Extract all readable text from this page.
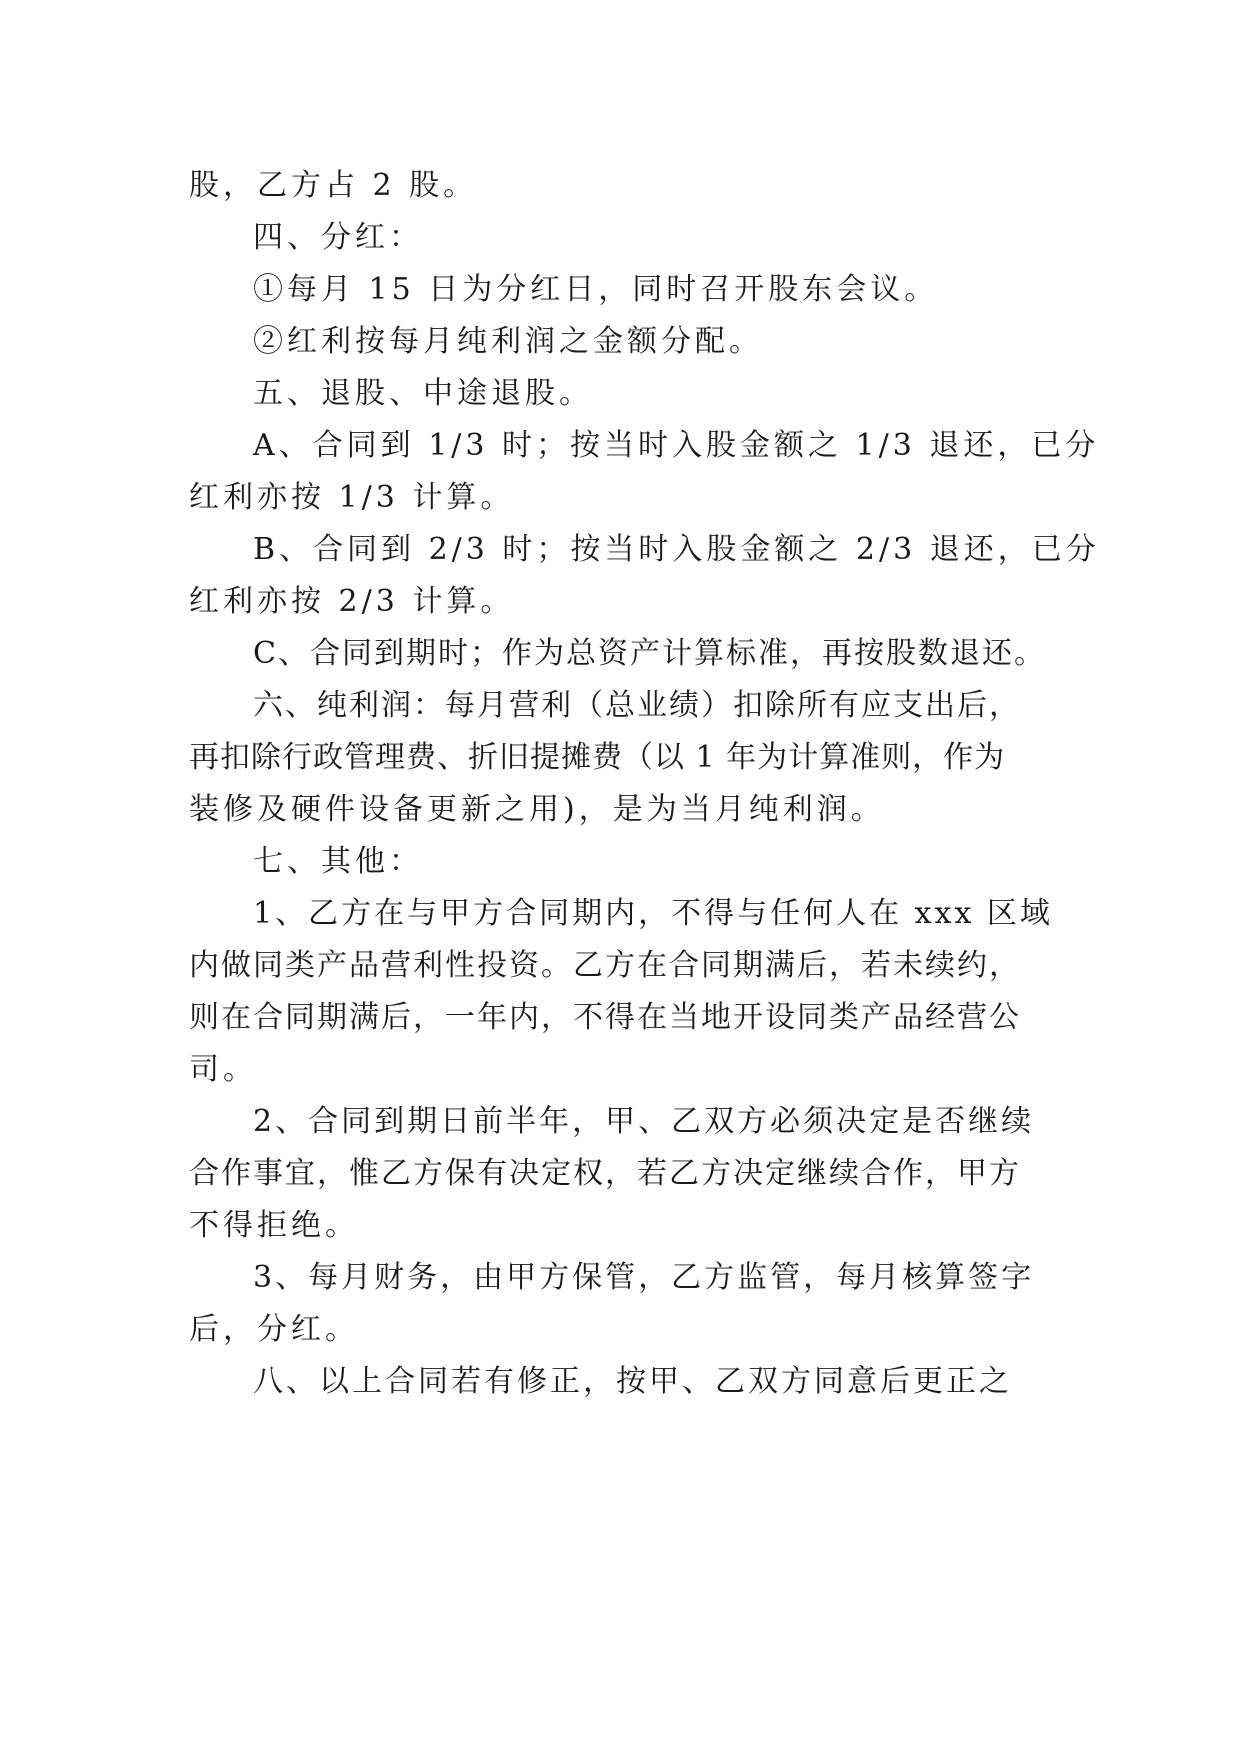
股，乙方占 2 股。
四、分红：
①每月 15 日为分红日，同时召开股东会议。
②红利按每月纯利润之金额分配。
五、退股、中途退股。
A、合同到 1/3 时；按当时入股金额之 1/3 退还，已分
红利亦按 1/3 计算。
B、合同到 2/3 时；按当时入股金额之 2/3 退还，已分
红利亦按 2/3 计算。
C、合同到期时；作为总资产计算标准，再按股数退还。
六、纯利润：每月营利（总业绩）扣除所有应支出后，
再扣除行政管理费、折旧提摊费（以 1 年为计算准则，作为
装修及硬件设备更新之用)，是为当月纯利润。
七、其他：
1、乙方在与甲方合同期内，不得与任何人在 xxx 区域
内做同类产品营利性投资。乙方在合同期满后，若未续约，
则在合同期满后，一年内，不得在当地开设同类产品经营公
司。
2、合同到期日前半年，甲、乙双方必须决定是否继续
合作事宜，惟乙方保有决定权，若乙方决定继续合作，甲方
不得拒绝。
3、每月财务，由甲方保管，乙方监管，每月核算签字
后，分红。
八、以上合同若有修正，按甲、乙双方同意后更正之
